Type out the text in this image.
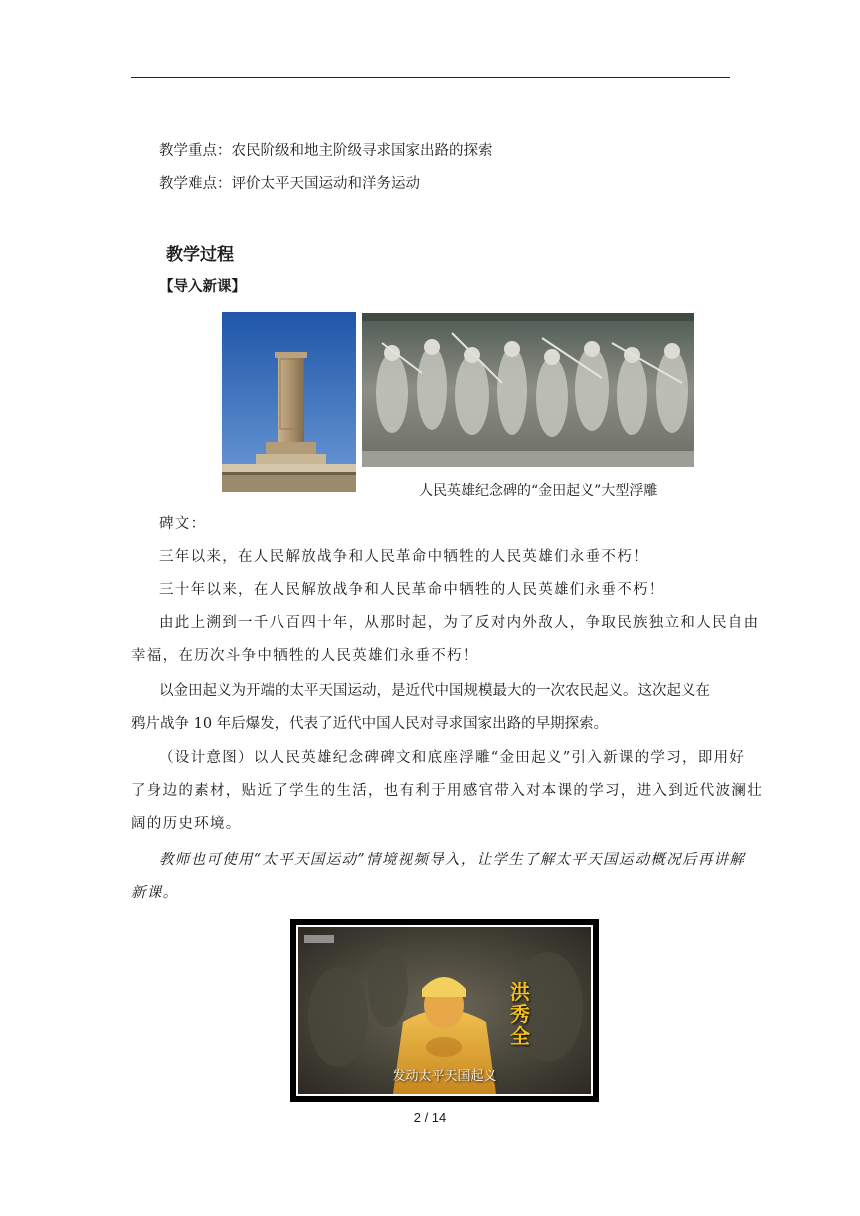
教学重点：农民阶级和地主阶级寻求国家出路的探索
教学难点：评价太平天国运动和洋务运动
教学过程
【导入新课】
人民英雄纪念碑的“金田起义”大型浮雕
碑文：
三年以来，在人民解放战争和人民革命中牺牲的人民英雄们永垂不朽！
三十年以来，在人民解放战争和人民革命中牺牲的人民英雄们永垂不朽！
由此上溯到一千八百四十年，从那时起，为了反对内外敌人，争取民族独立和人民自由
幸福，在历次斗争中牺牲的人民英雄们永垂不朽！
以金田起义为开端的太平天国运动，是近代中国规模最大的一次农民起义。这次起义在
鸦片战争 10 年后爆发，代表了近代中国人民对寻求国家出路的早期探索。
（设计意图）以人民英雄纪念碑碑文和底座浮雕“金田起义”引入新课的学习，即用好
了身边的素材，贴近了学生的生活，也有利于用感官带入对本课的学习，进入到近代波澜壮
阔的历史环境。
教师也可使用“太平天国运动”情境视频导入，让学生了解太平天国运动概况后再讲解
新课。
洪秀全
发动太平天国起义
2 / 14
